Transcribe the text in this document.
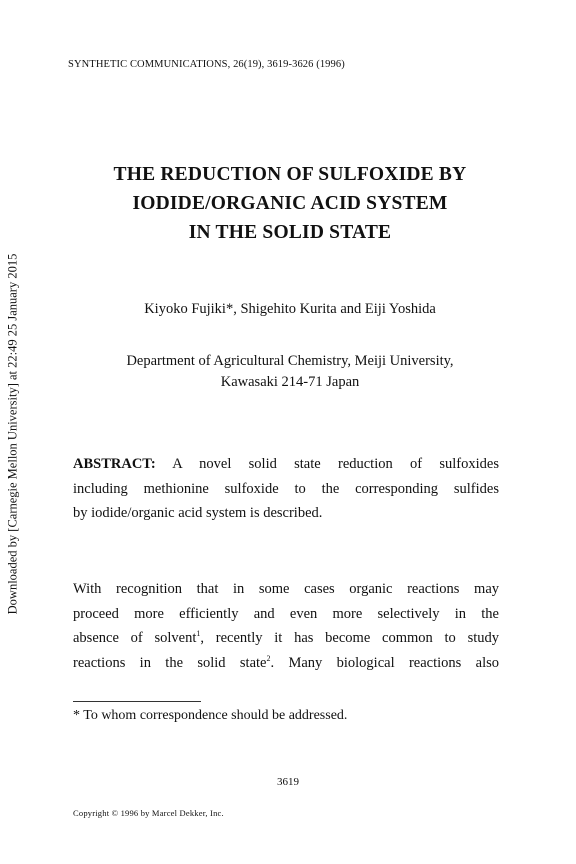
Downloaded by [Carnegie Mellon University] at 22:49 25 January 2015
SYNTHETIC COMMUNICATIONS, 26(19), 3619-3626 (1996)
THE REDUCTION OF SULFOXIDE BY
IODIDE/ORGANIC ACID SYSTEM
IN THE SOLID STATE
Kiyoko Fujiki*, Shigehito Kurita and Eiji Yoshida
Department of Agricultural Chemistry, Meiji University,
Kawasaki 214-71 Japan
ABSTRACT: A novel solid state reduction of sulfoxides
including methionine sulfoxide to the corresponding sulfides
by iodide/organic acid system is described.
With recognition that in some cases organic reactions may
proceed more efficiently and even more selectively in the
absence of solvent$^1$, recently it has become common to study
reactions in the solid state$^2$. Many biological reactions also
* To whom correspondence should be addressed.
3619
Copyright © 1996 by Marcel Dekker, Inc.
